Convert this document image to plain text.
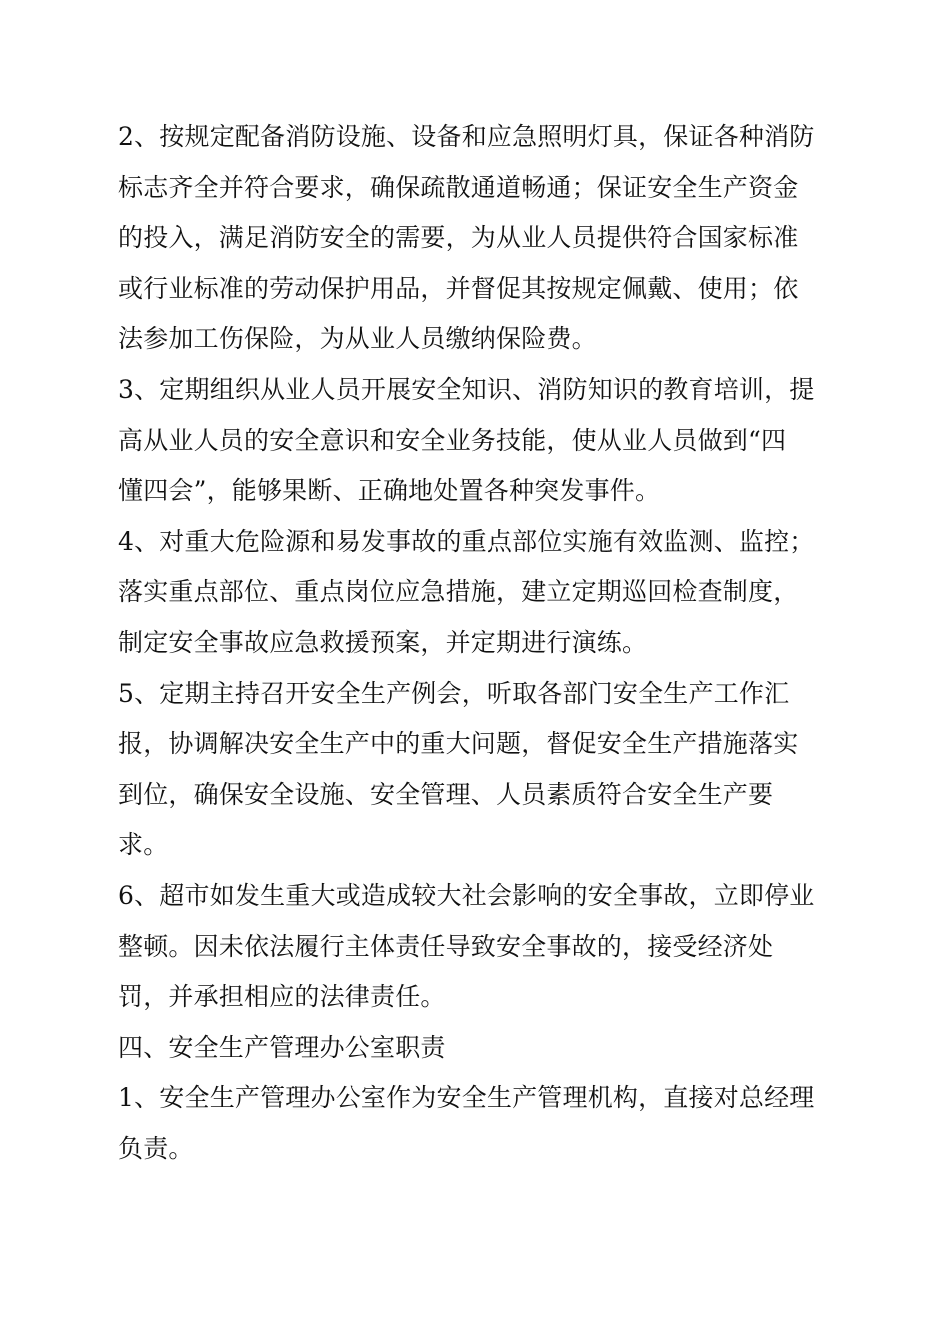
2、按规定配备消防设施、设备和应急照明灯具，保证各种消防
标志齐全并符合要求，确保疏散通道畅通；保证安全生产资金
的投入，满足消防安全的需要，为从业人员提供符合国家标准
或行业标准的劳动保护用品，并督促其按规定佩戴、使用；依
法参加工伤保险，为从业人员缴纳保险费。
3、定期组织从业人员开展安全知识、消防知识的教育培训，提
高从业人员的安全意识和安全业务技能，使从业人员做到“四
懂四会”，能够果断、正确地处置各种突发事件。
4、对重大危险源和易发事故的重点部位实施有效监测、监控；
落实重点部位、重点岗位应急措施，建立定期巡回检查制度，
制定安全事故应急救援预案，并定期进行演练。
5、定期主持召开安全生产例会，听取各部门安全生产工作汇
报，协调解决安全生产中的重大问题，督促安全生产措施落实
到位，确保安全设施、安全管理、人员素质符合安全生产要
求。
6、超市如发生重大或造成较大社会影响的安全事故，立即停业
整顿。因未依法履行主体责任导致安全事故的，接受经济处
罚，并承担相应的法律责任。
四、安全生产管理办公室职责
1、安全生产管理办公室作为安全生产管理机构，直接对总经理
负责。
